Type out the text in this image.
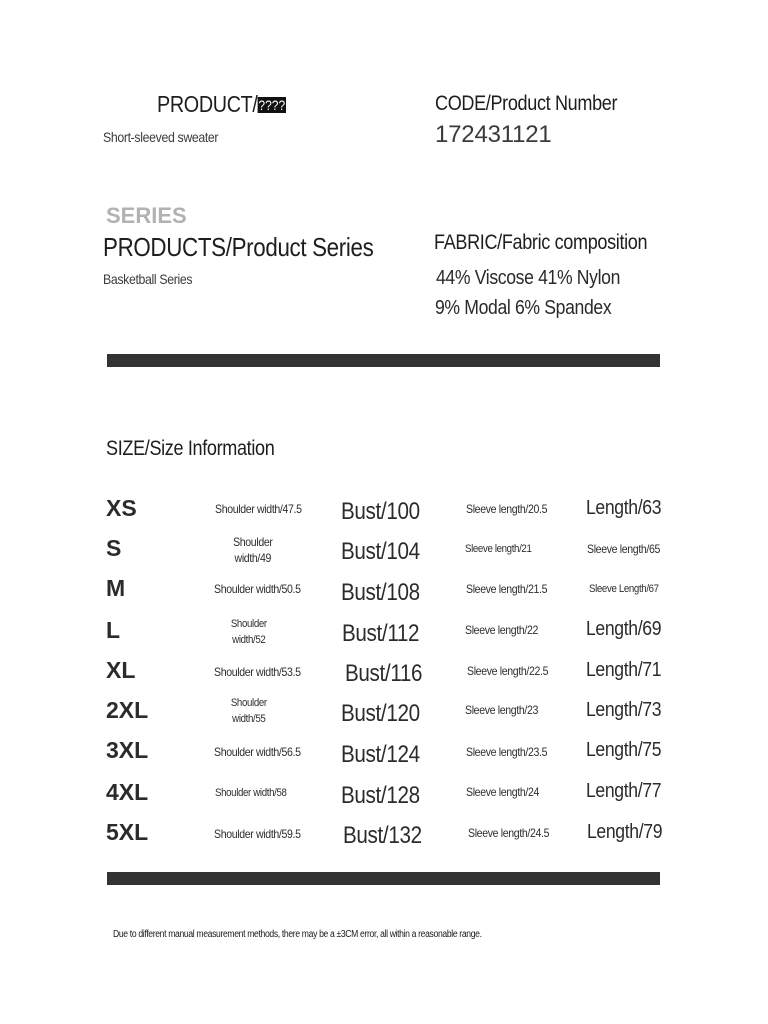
PRODUCT/????
Short-sleeved sweater
CODE/Product Number
172431121
SERIES
PRODUCTS/Product Series
Basketball Series
FABRIC/Fabric composition
44% Viscose 41% Nylon
9% Modal 6% Spandex
SIZE/Size Information
XS	Shoulder width/47.5 Bust/100	Sleeve length/20.5 Length/63
S	Shoulder width/49	Bust/104	Sleeve length/21	Sleeve length/65
M	Shoulder width/50.5 Bust/108	Sleeve length/21.5	Sleeve Length/67
L	Shoulder width/52	Bust/112	Sleeve length/22 Length/69
XL	Shoulder width/53.5 Bust/116	Sleeve length/22.5 Length/71
2XL	Shoulder width/55	Bust/120	Sleeve length/23 Length/73
3XL	Shoulder width/56.5 Bust/124	Sleeve length/23.5 Length/75
4XL	Shoulder width/58 Bust/128	Sleeve length/24 Length/77
5XL	Shoulder width/59.5 Bust/132	Sleeve length/24.5 Length/79
Due to different manual measurement methods, there may be a ±3CM error, all within a reasonable range.
